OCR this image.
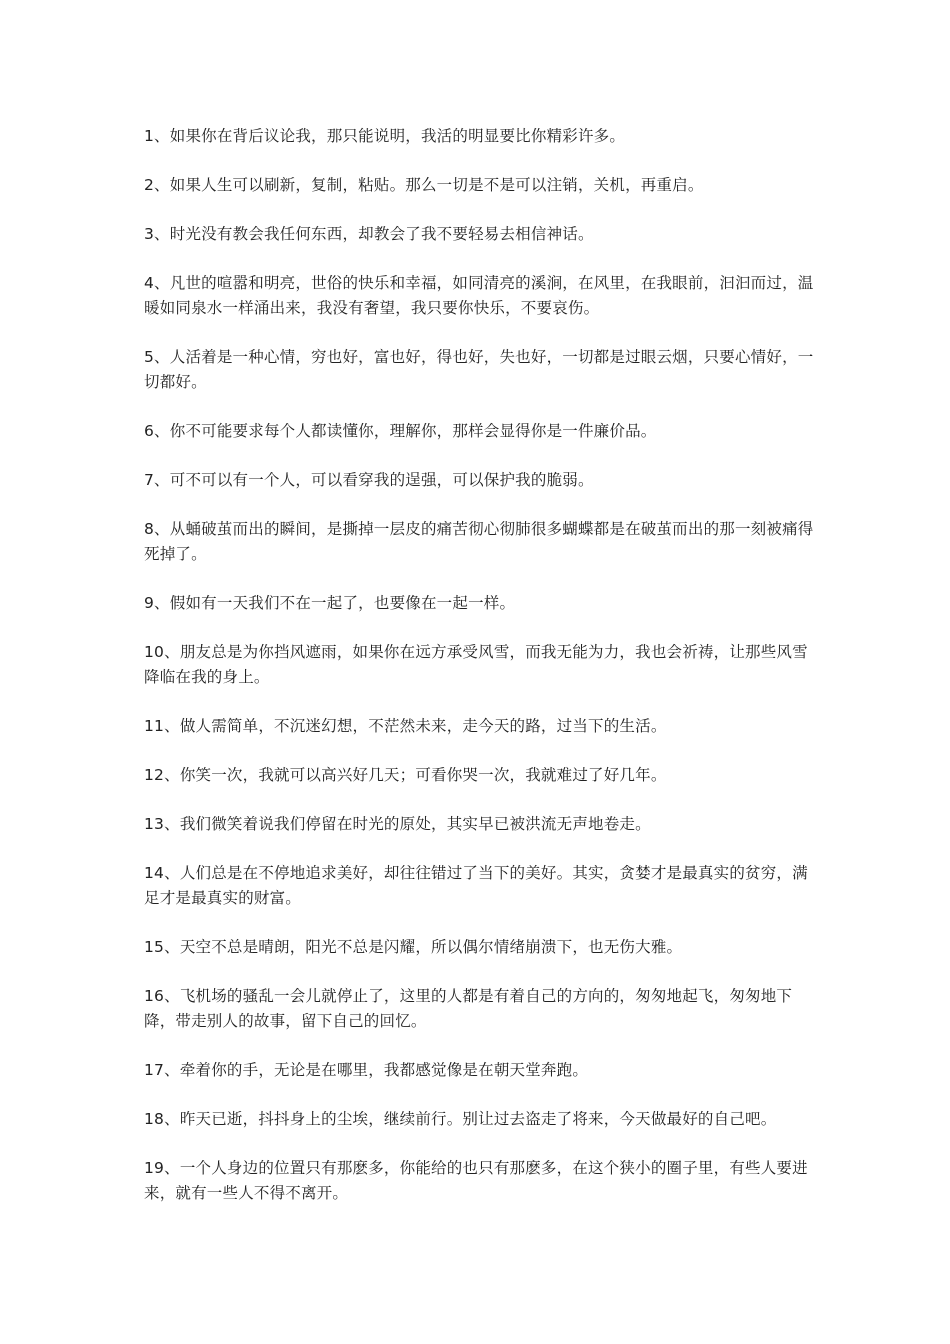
1、如果你在背后议论我，那只能说明，我活的明显要比你精彩许多。

2、如果人生可以刷新，复制，粘贴。那么一切是不是可以注销，关机，再重启。

3、时光没有教会我任何东西，却教会了我不要轻易去相信神话。

4、凡世的喧嚣和明亮，世俗的快乐和幸福，如同清亮的溪涧，在风里，在我眼前，汩汩而过，温暖如同泉水一样涌出来，我没有奢望，我只要你快乐，不要哀伤。

5、人活着是一种心情，穷也好，富也好，得也好，失也好，一切都是过眼云烟，只要心情好，一切都好。

6、你不可能要求每个人都读懂你，理解你，那样会显得你是一件廉价品。

7、可不可以有一个人，可以看穿我的逞强，可以保护我的脆弱。

8、从蛹破茧而出的瞬间，是撕掉一层皮的痛苦彻心彻肺很多蝴蝶都是在破茧而出的那一刻被痛得死掉了。

9、假如有一天我们不在一起了，也要像在一起一样。

10、朋友总是为你挡风遮雨，如果你在远方承受风雪，而我无能为力，我也会祈祷，让那些风雪降临在我的身上。

11、做人需简单，不沉迷幻想，不茫然未来，走今天的路，过当下的生活。

12、你笑一次，我就可以高兴好几天；可看你哭一次，我就难过了好几年。

13、我们微笑着说我们停留在时光的原处，其实早已被洪流无声地卷走。

14、人们总是在不停地追求美好，却往往错过了当下的美好。其实，贪婪才是最真实的贫穷，满足才是最真实的财富。

15、天空不总是晴朗，阳光不总是闪耀，所以偶尔情绪崩溃下，也无伤大雅。

16、飞机场的骚乱一会儿就停止了，这里的人都是有着自己的方向的，匆匆地起飞，匆匆地下降，带走别人的故事，留下自己的回忆。

17、牵着你的手，无论是在哪里，我都感觉像是在朝天堂奔跑。

18、昨天已逝，抖抖身上的尘埃，继续前行。别让过去盗走了将来，今天做最好的自己吧。

19、一个人身边的位置只有那麽多，你能给的也只有那麽多，在这个狭小的圈子里，有些人要进来，就有一些人不得不离开。
